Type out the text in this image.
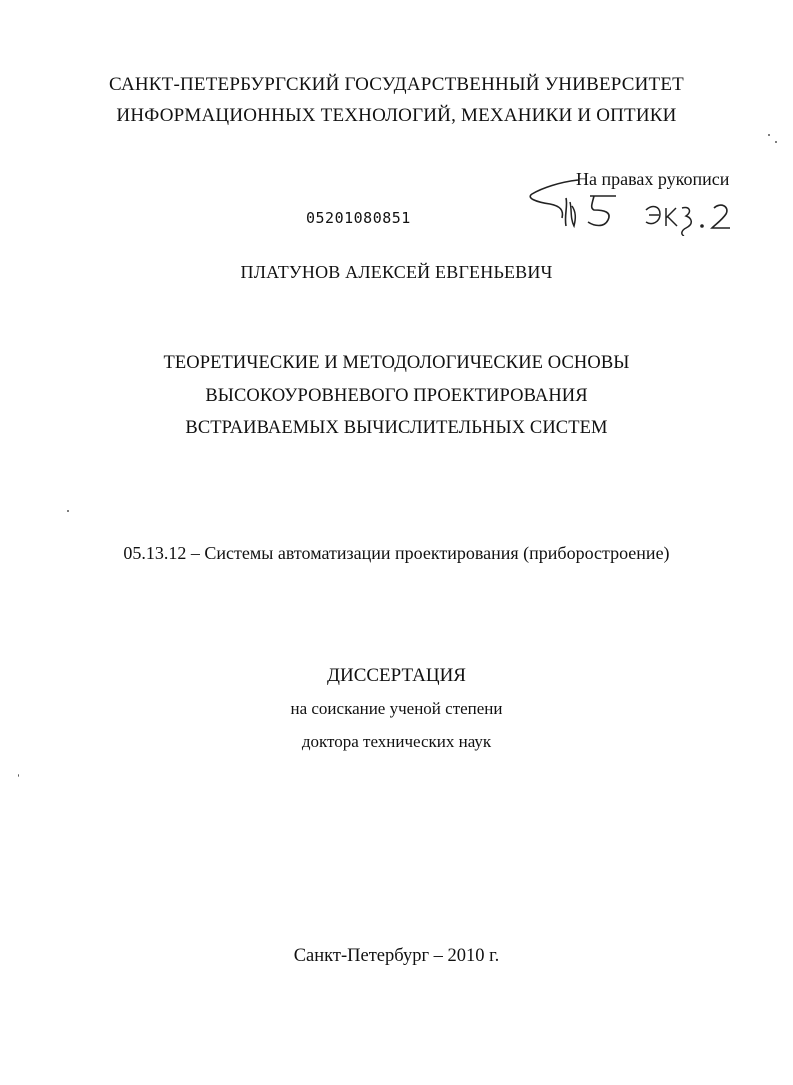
САНКТ-ПЕТЕРБУРГСКИЙ ГОСУДАРСТВЕННЫЙ УНИВЕРСИТЕТ
ИНФОРМАЦИОННЫХ ТЕХНОЛОГИЙ, МЕХАНИКИ И ОПТИКИ
На правах рукописи
05201080851
ПЛАТУНОВ АЛЕКСЕЙ ЕВГЕНЬЕВИЧ
ТЕОРЕТИЧЕСКИЕ И МЕТОДОЛОГИЧЕСКИЕ ОСНОВЫ
ВЫСОКОУРОВНЕВОГО ПРОЕКТИРОВАНИЯ
ВСТРАИВАЕМЫХ ВЫЧИСЛИТЕЛЬНЫХ СИСТЕМ
05.13.12 – Системы автоматизации проектирования (приборостроение)
ДИССЕРТАЦИЯ
на соискание ученой степени
доктора технических наук
Санкт-Петербург – 2010 г.
